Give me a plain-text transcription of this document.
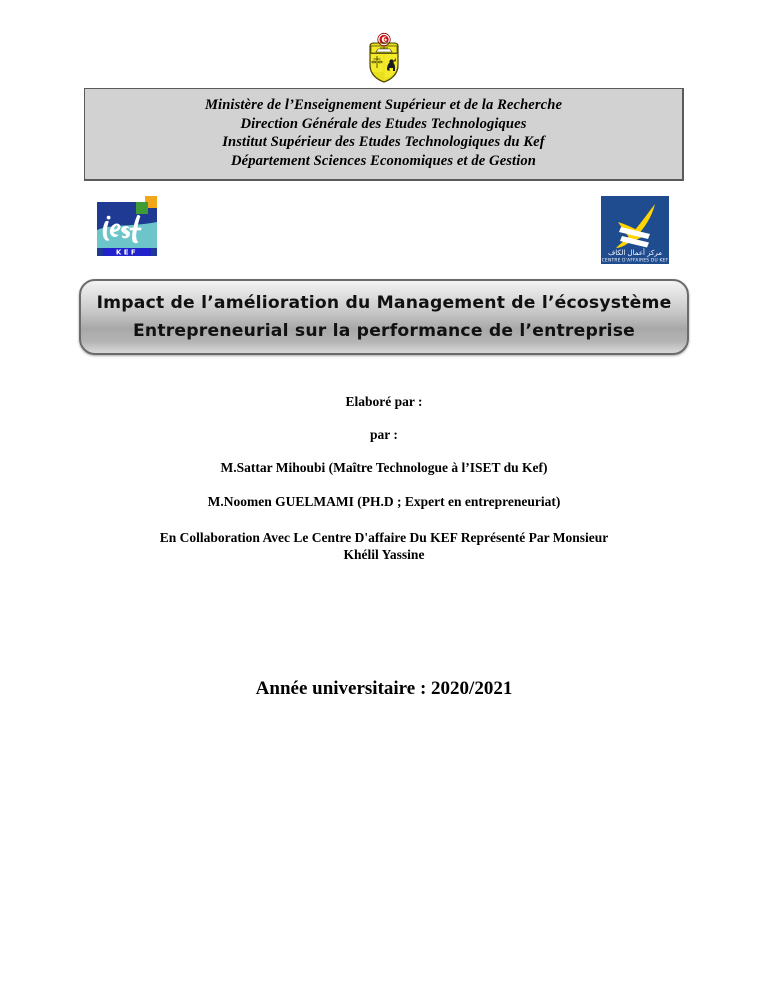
Ministère de l’Enseignement Supérieur et de la Recherche
Direction Générale des Etudes Technologiques
Institut Supérieur des Etudes Technologiques du Kef
Département Sciences Economiques et de Gestion
KEF	مركز أعمال الكاف
CENTRE D'AFFAIRES DU KEF
Impact de l’amélioration du Management de l’écosystème
Entrepreneurial sur la performance de l’entreprise
Elaboré par :
par :
M.Sattar Mihoubi (Maître Technologue à l’ISET du Kef)
M.Noomen GUELMAMI (PH.D ; Expert en entrepreneuriat)
En Collaboration Avec Le Centre D'affaire Du KEF Représenté Par Monsieur
Khélil Yassine
Année universitaire : 2020/2021
